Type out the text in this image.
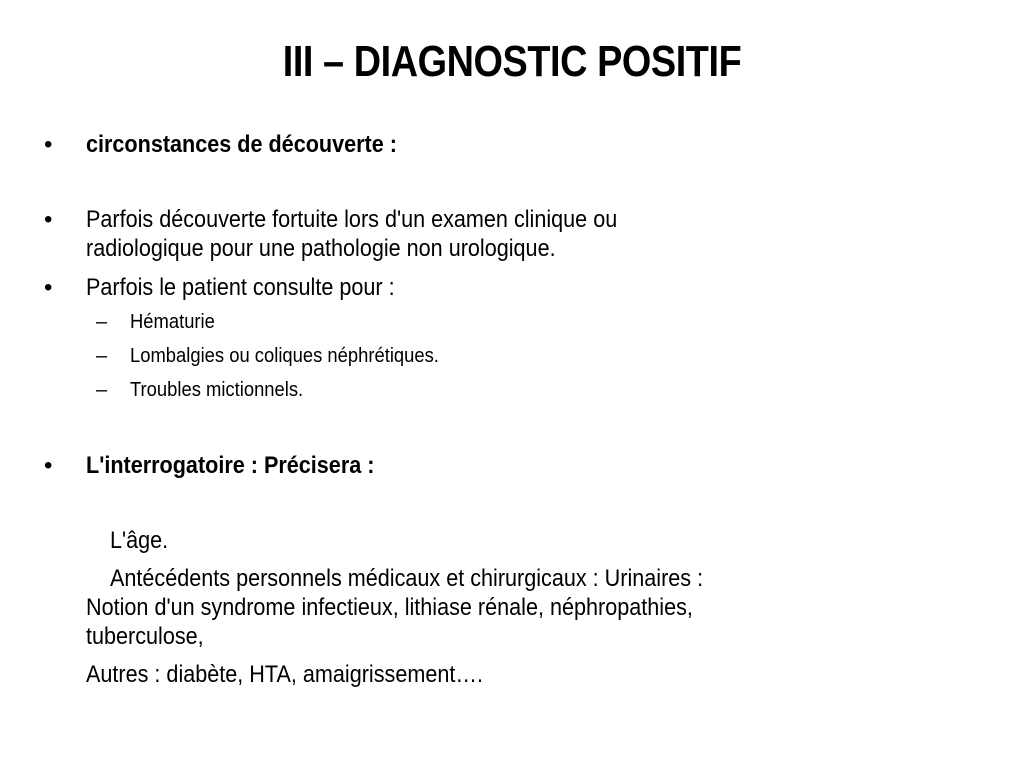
III – DIAGNOSTIC POSITIF
• circonstances de découverte :
• Parfois découverte fortuite lors d'un examen clinique ou
radiologique pour une pathologie non urologique.
• Parfois le patient consulte pour :
– Hématurie
– Lombalgies ou coliques néphrétiques.
– Troubles mictionnels.
• L'interrogatoire : Précisera :
L'âge.
Antécédents personnels médicaux et chirurgicaux : Urinaires :
Notion d'un syndrome infectieux, lithiase rénale, néphropathies,
tuberculose,
Autres : diabète, HTA, amaigrissement….
